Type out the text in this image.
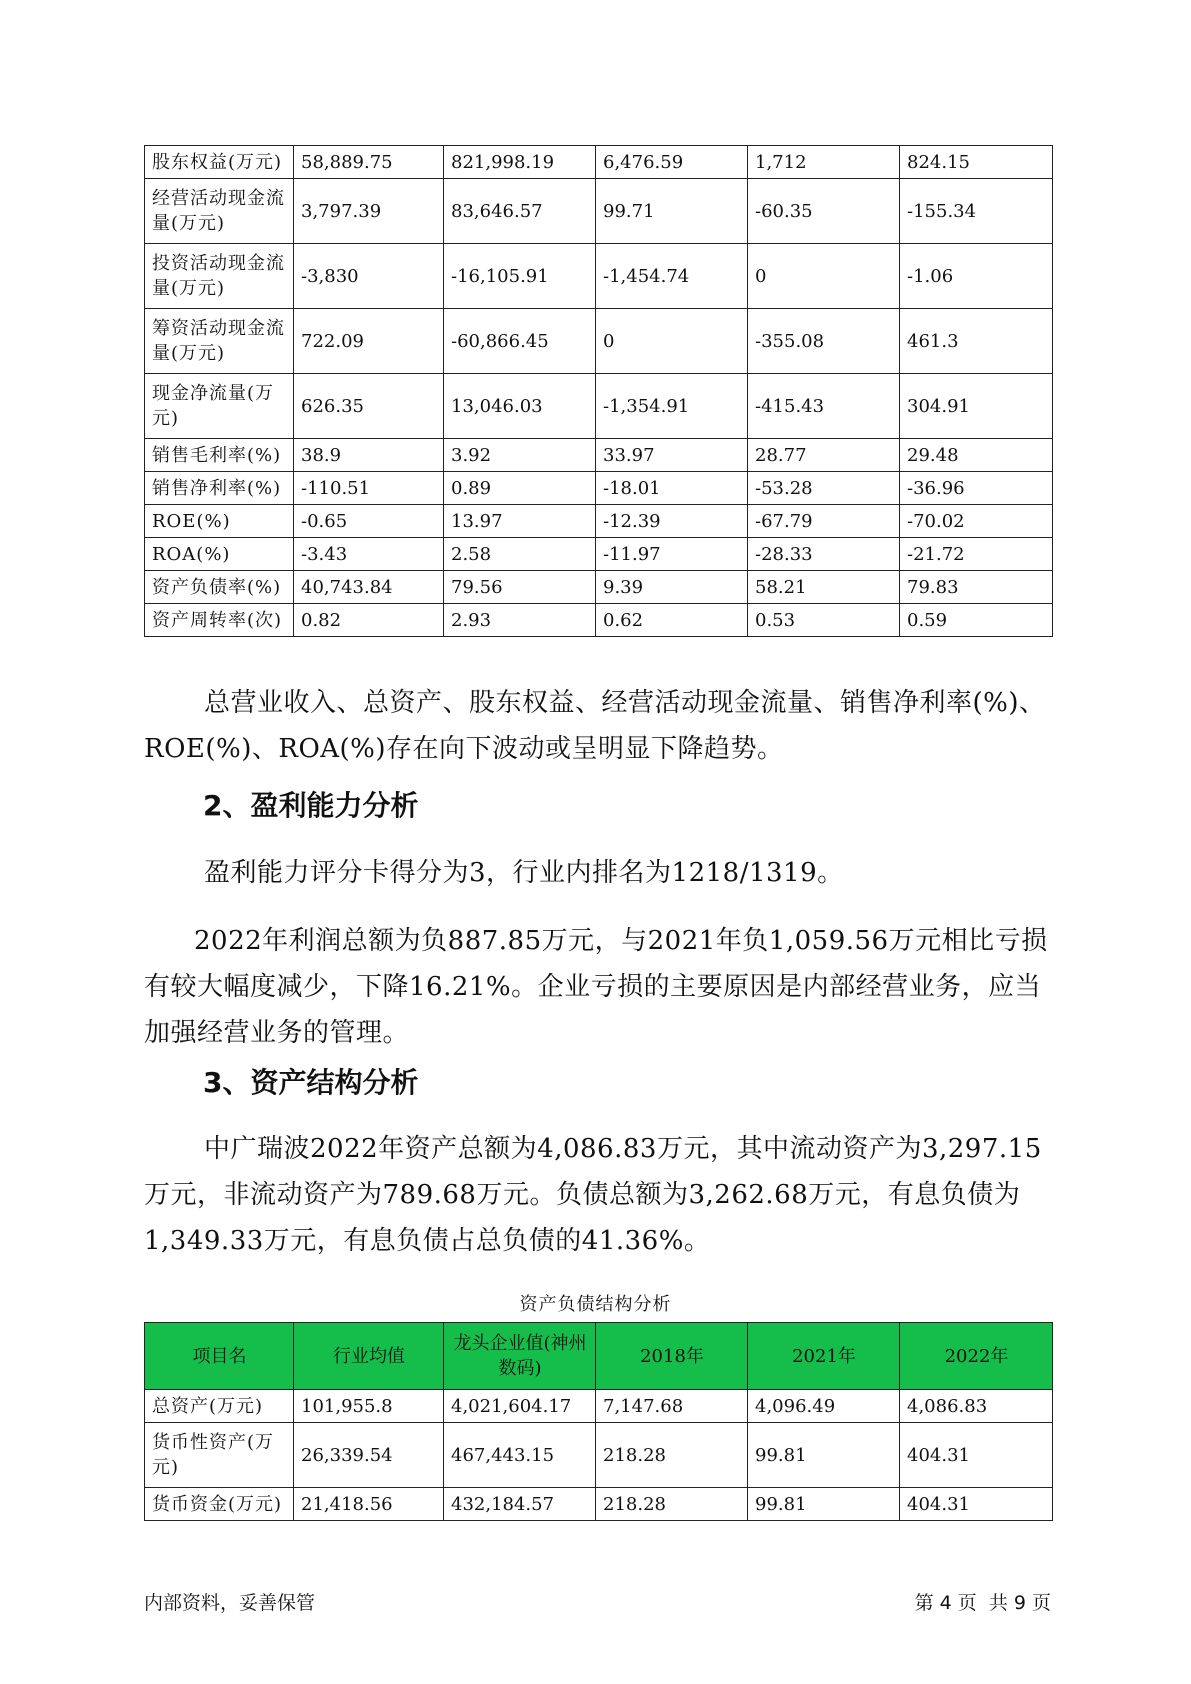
股东权益(万元)	58,889.75	821,998.19	6,476.59	1,712	824.15
经营活动现金流量(万元)	3,797.39	83,646.57	99.71	-60.35	-155.34
投资活动现金流量(万元)	-3,830	-16,105.91	-1,454.74	0	-1.06
筹资活动现金流量(万元)	722.09	-60,866.45	0	-355.08	461.3
现金净流量(万元)	626.35	13,046.03	-1,354.91	-415.43	304.91
销售毛利率(%)	38.9	3.92	33.97	28.77	29.48
销售净利率(%)	-110.51	0.89	-18.01	-53.28	-36.96
ROE(%)	-0.65	13.97	-12.39	-67.79	-70.02
ROA(%)	-3.43	2.58	-11.97	-28.33	-21.72
资产负债率(%)	40,743.84	79.56	9.39	58.21	79.83
资产周转率(次)	0.82	2.93	0.62	0.53	0.59

总营业收入、总资产、股东权益、经营活动现金流量、销售净利率(%)、ROE(%)、ROA(%)存在向下波动或呈明显下降趋势。

2、盈利能力分析

盈利能力评分卡得分为3，行业内排名为1218/1319。

2022年利润总额为负887.85万元，与2021年负1,059.56万元相比亏损有较大幅度减少，下降16.21%。企业亏损的主要原因是内部经营业务，应当加强经营业务的管理。

3、资产结构分析

中广瑞波2022年资产总额为4,086.83万元，其中流动资产为3,297.15万元，非流动资产为789.68万元。负债总额为3,262.68万元，有息负债为1,349.33万元，有息负债占总负债的41.36%。

资产负债结构分析

项目名	行业均值	龙头企业值(神州数码)	2018年	2021年	2022年
总资产(万元)	101,955.8	4,021,604.17	7,147.68	4,096.49	4,086.83
货币性资产(万元)	26,339.54	467,443.15	218.28	99.81	404.31
货币资金(万元)	21,418.56	432,184.57	218.28	99.81	404.31

内部资料，妥善保管	第 4 页  共 9 页
